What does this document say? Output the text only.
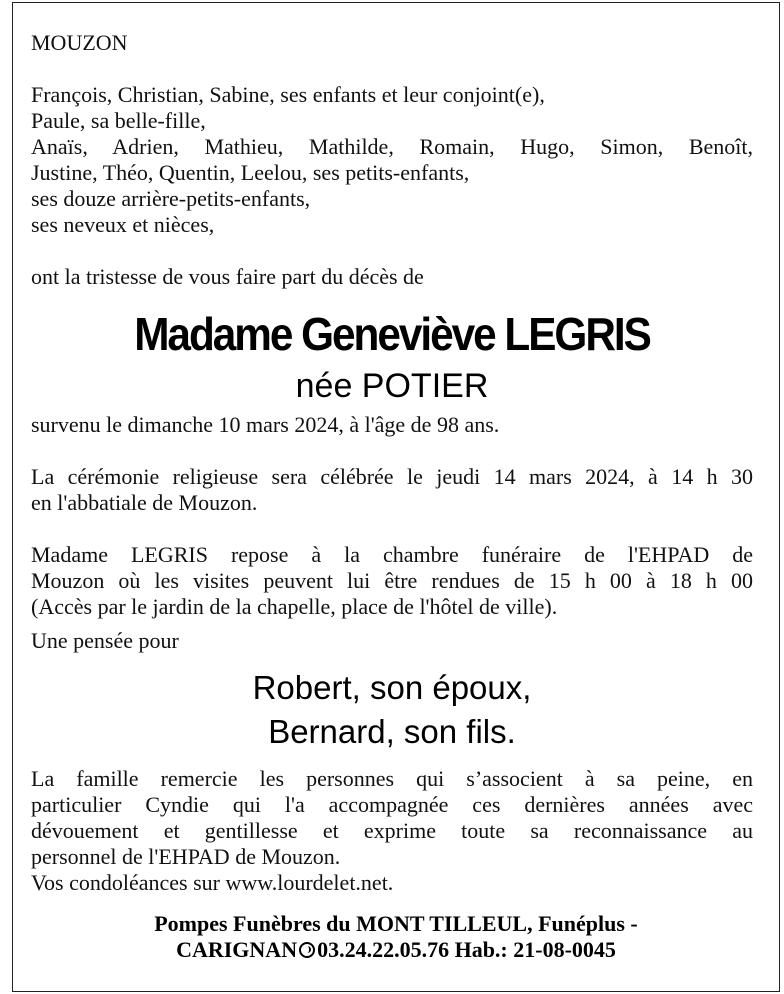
MOUZON

François, Christian, Sabine, ses enfants et leur conjoint(e),
Paule, sa belle-fille,
Anaïs, Adrien, Mathieu, Mathilde, Romain, Hugo, Simon, Benoît,
Justine, Théo, Quentin, Leelou, ses petits-enfants,
ses douze arrière-petits-enfants,
ses neveux et nièces,

ont la tristesse de vous faire part du décès de

Madame Geneviève LEGRIS
née POTIER

survenu le dimanche 10 mars 2024, à l'âge de 98 ans.

La cérémonie religieuse sera célébrée le jeudi 14 mars 2024, à 14 h 30
en l'abbatiale de Mouzon.
Madame LEGRIS repose à la chambre funéraire de l'EHPAD de
Mouzon où les visites peuvent lui être rendues de 15 h 00 à 18 h 00
(Accès par le jardin de la chapelle, place de l'hôtel de ville).

Une pensée pour

Robert, son époux,
Bernard, son fils.
La famille remercie les personnes qui s’associent à sa peine, en
particulier Cyndie qui l'a accompagnée ces dernières années avec
dévouement et gentillesse et exprime toute sa reconnaissance au
personnel de l'EHPAD de Mouzon.
Vos condoléances sur www.lourdelet.net.
Pompes Funèbres du MONT TILLEUL, Funéplus -
CARIGNAN 03.24.22.05.76 Hab.: 21-08-0045
